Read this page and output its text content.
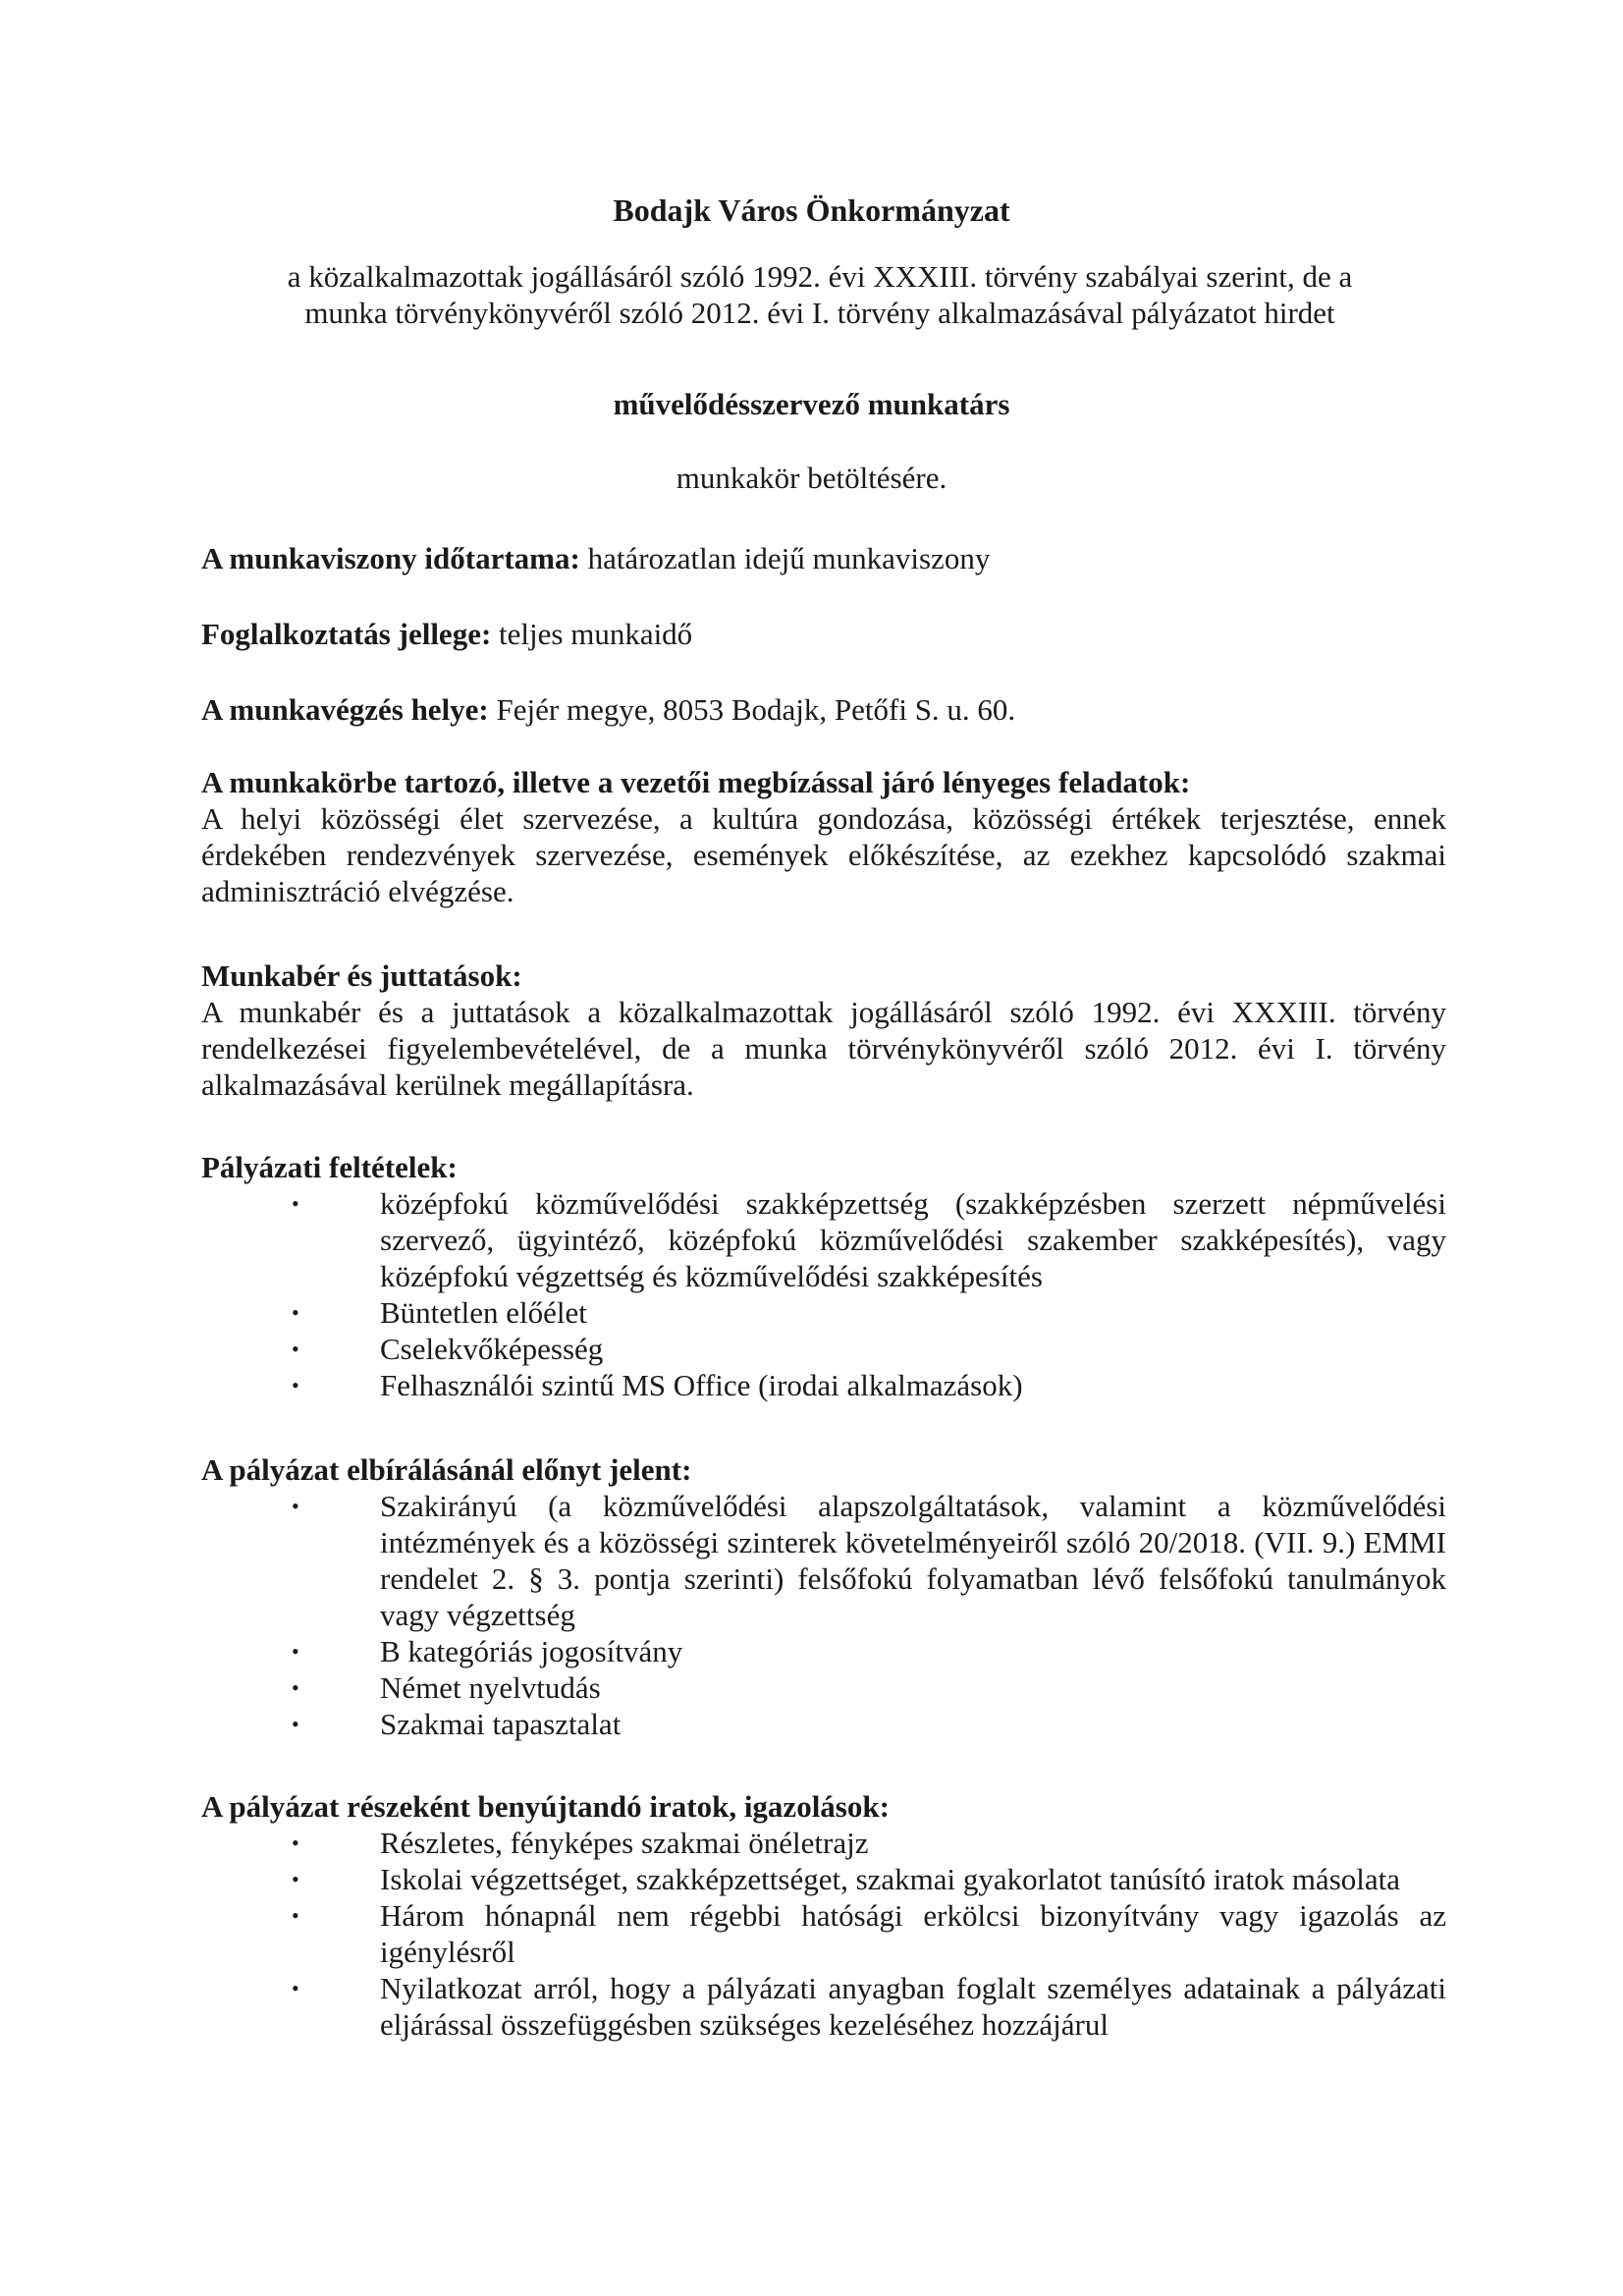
Bodajk Város Önkormányzat
a közalkalmazottak jogállásáról szóló 1992. évi XXXIII. törvény szabályai szerint, de a munka törvénykönyvéről szóló 2012. évi I. törvény alkalmazásával pályázatot hirdet
művelődésszervező munkatárs
munkakör betöltésére.
A munkaviszony időtartama: határozatlan idejű munkaviszony
Foglalkoztatás jellege: teljes munkaidő
A munkavégzés helye: Fejér megye, 8053 Bodajk, Petőfi S. u. 60.
A munkakörbe tartozó, illetve a vezetői megbízással járó lényeges feladatok:
A helyi közösségi élet szervezése, a kultúra gondozása, közösségi értékek terjesztése, ennek érdekében rendezvények szervezése, események előkészítése, az ezekhez kapcsolódó szakmai adminisztráció elvégzése.
Munkabér és juttatások:
A munkabér és a juttatások a közalkalmazottak jogállásáról szóló 1992. évi XXXIII. törvény rendelkezései figyelembevételével, de a munka törvénykönyvéről szóló 2012. évi I. törvény alkalmazásával kerülnek megállapításra.
Pályázati feltételek:
•	középfokú közművelődési szakképzettség (szakképzésben szerzett népművelési szervező, ügyintéző, középfokú közművelődési szakember szakképesítés), vagy középfokú végzettség és közművelődési szakképesítés
•	Büntetlen előélet
•	Cselekvőképesség
•	Felhasználói szintű MS Office (irodai alkalmazások)
A pályázat elbírálásánál előnyt jelent:
•	Szakirányú (a közművelődési alapszolgáltatások, valamint a közművelődési intézmények és a közösségi szinterek követelményeiről szóló 20/2018. (VII. 9.) EMMI rendelet 2. § 3. pontja szerinti) felsőfokú folyamatban lévő felsőfokú tanulmányok vagy végzettség
•	B kategóriás jogosítvány
•	Német nyelvtudás
•	Szakmai tapasztalat
A pályázat részeként benyújtandó iratok, igazolások:
•	Részletes, fényképes szakmai önéletrajz
•	Iskolai végzettséget, szakképzettséget, szakmai gyakorlatot tanúsító iratok másolata
•	Három hónapnál nem régebbi hatósági erkölcsi bizonyítvány vagy igazolás az igénylésről
•	Nyilatkozat arról, hogy a pályázati anyagban foglalt személyes adatainak a pályázati eljárással összefüggésben szükséges kezeléséhez hozzájárul
